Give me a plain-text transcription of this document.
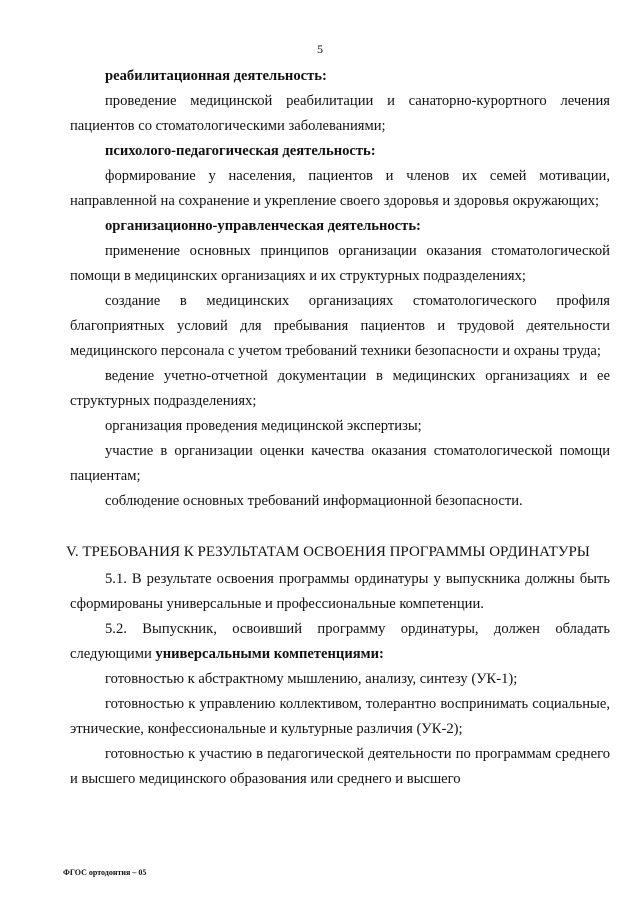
5

реабилитационная деятельность:

проведение медицинской реабилитации и санаторно-курортного лечения пациентов со стоматологическими заболеваниями;

психолого-педагогическая деятельность:

формирование у населения, пациентов и членов их семей мотивации, направленной на сохранение и укрепление своего здоровья и здоровья окружающих;

организационно-управленческая деятельность:

применение основных принципов организации оказания стоматологической помощи в медицинских организациях и их структурных подразделениях;

создание в медицинских организациях стоматологического профиля благоприятных условий для пребывания пациентов и трудовой деятельности медицинского персонала с учетом требований техники безопасности и охраны труда;

ведение учетно-отчетной документации в медицинских организациях и ее структурных подразделениях;

организация проведения медицинской экспертизы;

участие в организации оценки качества оказания стоматологической помощи пациентам;

соблюдение основных требований информационной безопасности.

V. ТРЕБОВАНИЯ К РЕЗУЛЬТАТАМ ОСВОЕНИЯ ПРОГРАММЫ ОРДИНАТУРЫ

5.1. В результате освоения программы ординатуры у выпускника должны быть сформированы универсальные и профессиональные компетенции.

5.2. Выпускник, освоивший программу ординатуры, должен обладать следующими универсальными компетенциями:

готовностью к абстрактному мышлению, анализу, синтезу (УК-1);

готовностью к управлению коллективом, толерантно воспринимать социальные, этнические, конфессиональные и культурные различия (УК-2);

готовностью к участию в педагогической деятельности по программам среднего и высшего медицинского образования или среднего и высшего

ФГОС ортодонтия – 05
